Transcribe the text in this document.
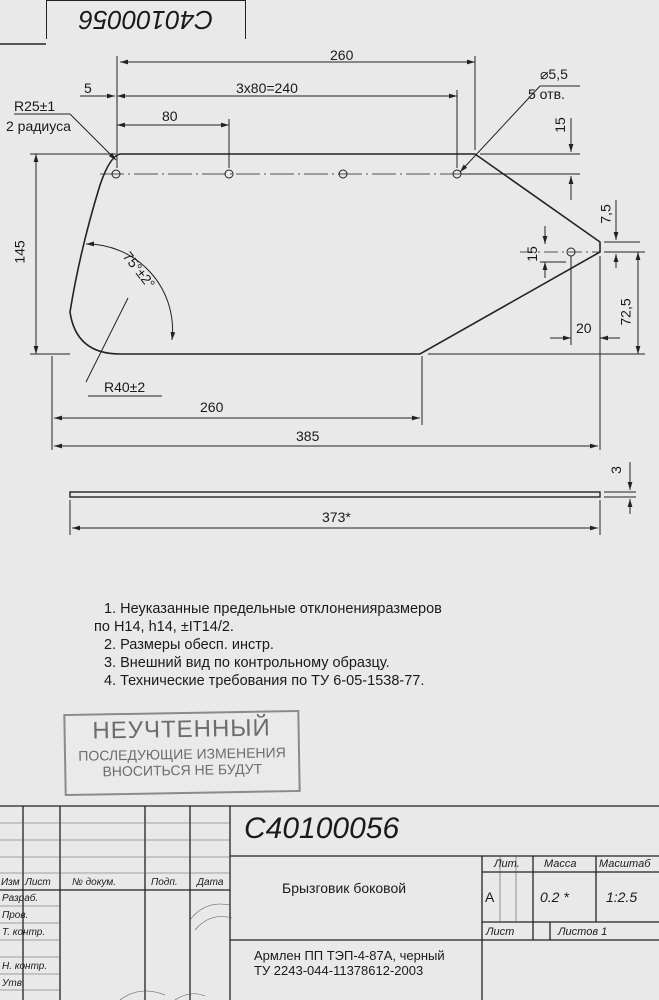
С40100056
260
3х80=240
5
80
⌀5,5
5 отв.
R25±1
2 радиуса	15
7,5
15
145	75°±2°
72,5
20
R40±2
260
385
3
373*
1. Неуказанные предельные отклоненияразмеров
по Н14, h14, ±IT14/2.
2. Размеры обесп. инстр.
3. Внешний вид по контрольному образцу.
4. Технические требования по ТУ 6-05-1538-77.
НЕУЧТЕННЫЙ
ПОСЛЕДУЮЩИЕ ИЗМЕНЕНИЯ
ВНОСИТЬСЯ НЕ БУДУТ
С40100056
Изм Лист № докум.	Подп. Дата
Разраб.
Пров.
Т. контр.
Н. контр.
Утв.
Брызговик боковой
Армлен ПП ТЭП-4-87А, черный
ТУ 2243-044-11378612-2003
Лит. Масса Масштаб
А	0.2 *	1:2.5
Лист	Листов 1
